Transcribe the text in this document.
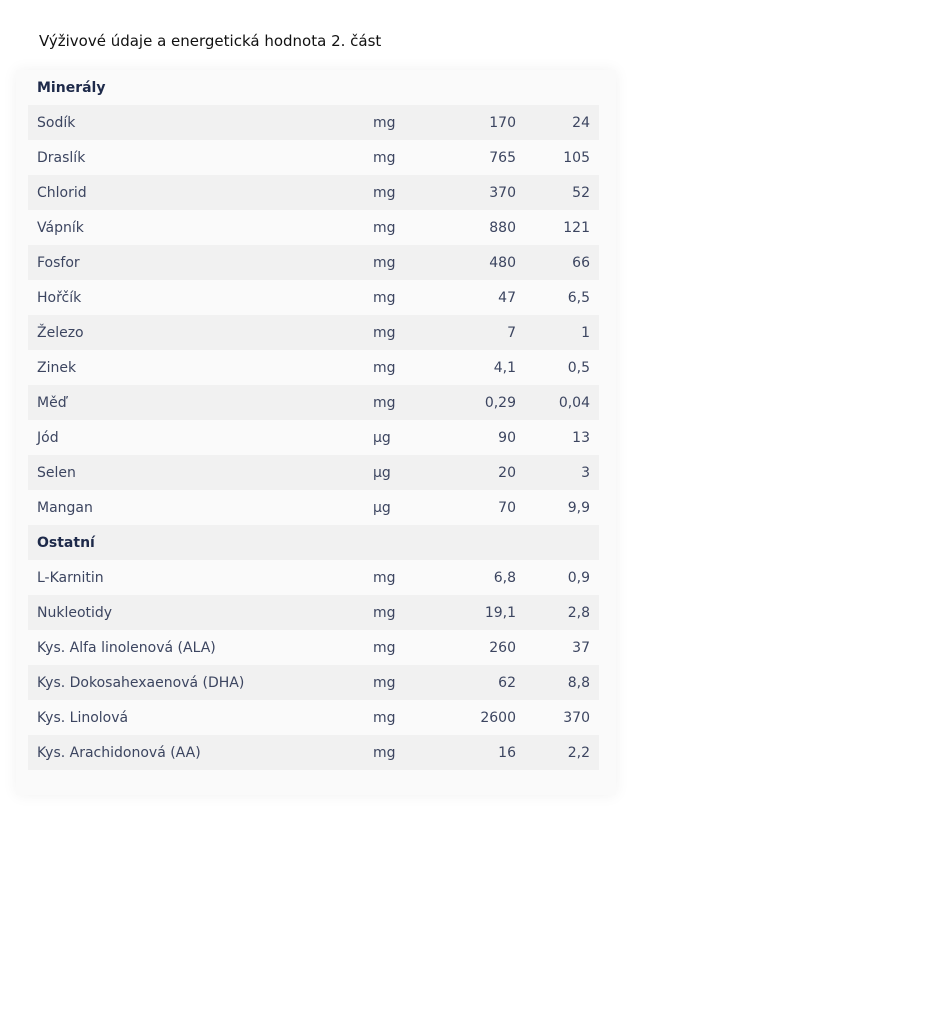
Výživové údaje a energetická hodnota 2. část
Minerály
Sodík	mg	170	24
Draslík	mg	765	105
Chlorid	mg	370	52
Vápník	mg	880	121
Fosfor	mg	480	66
Hořčík	mg	47	6,5
Železo	mg	7	1
Zinek	mg	4,1	0,5
Měď	mg	0,29	0,04
Jód	µg	90	13
Selen	µg	20	3
Mangan	µg	70	9,9
Ostatní
L-Karnitin	mg	6,8	0,9
Nukleotidy	mg	19,1	2,8
Kys. Alfa linolenová (ALA)	mg	260	37
Kys. Dokosahexaenová (DHA)	mg	62	8,8
Kys. Linolová	mg	2600	370
Kys. Arachidonová (AA)	mg	16	2,2
